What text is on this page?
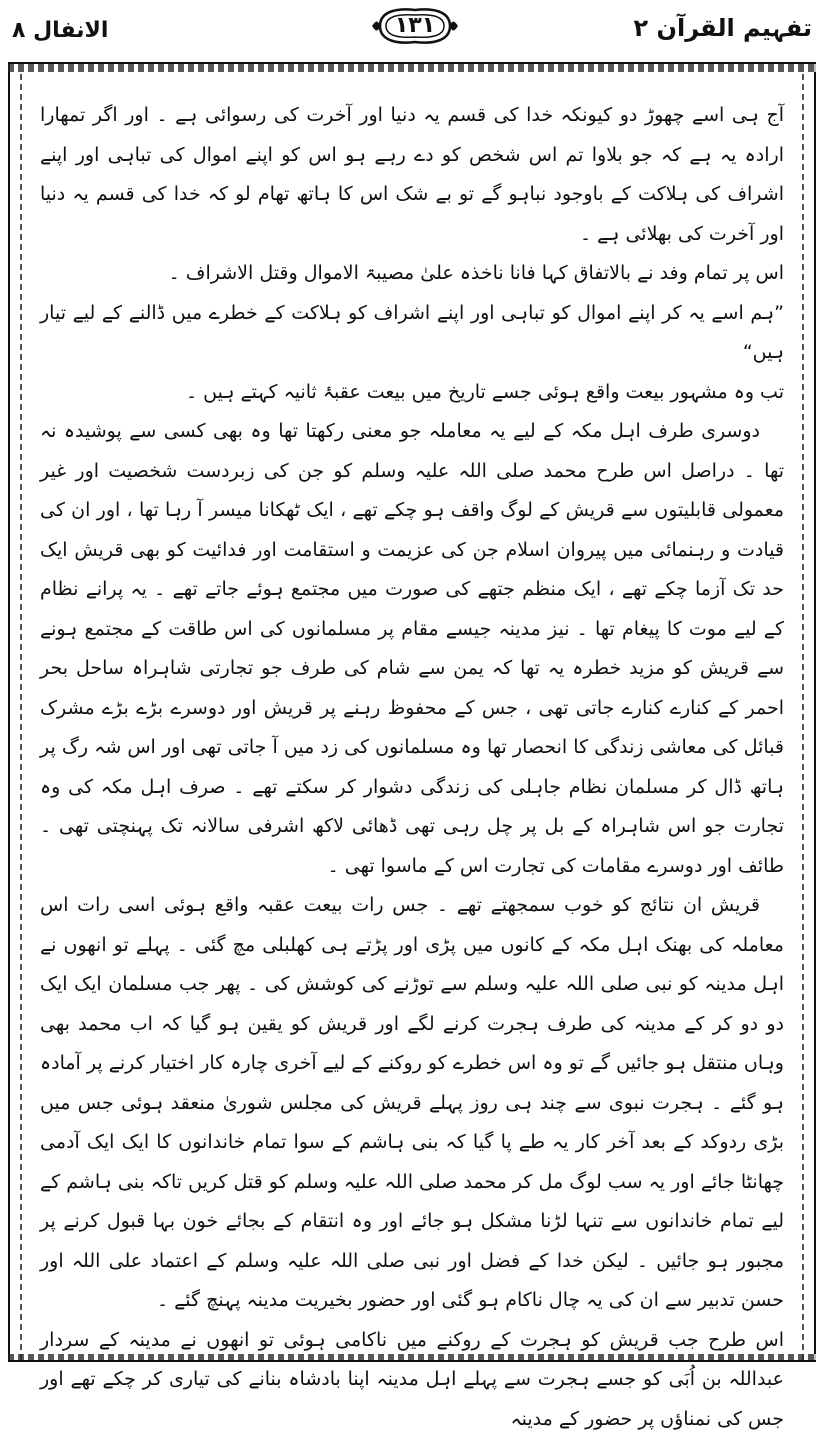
الانفال ۸	۱۳۱	تفہیم القرآن ۲

آج ہی اسے چھوڑ دو کیونکہ خدا کی قسم یہ دنیا اور آخرت کی رسوائی ہے ۔ اور اگر تمھارا ارادہ یہ ہے کہ جو بلاوا تم اس شخص کو دے رہے ہو اس کو اپنے اموال کی تباہی اور اپنے اشراف کی ہلاکت کے باوجود نباہو گے تو بے شک اس کا ہاتھ تھام لو کہ خدا کی قسم یہ دنیا اور آخرت کی بھلائی ہے ۔

اس پر تمام وفد نے بالاتفاق کہا فانا ناخذہ علیٰ مصیبۃ الاموال وقتل الاشراف ۔

”ہم اسے یہ کر اپنے اموال کو تباہی اور اپنے اشراف کو ہلاکت کے خطرے میں ڈالنے کے لیے تیار ہیں“

تب وہ مشہور بیعت واقع ہوئی جسے تاریخ میں بیعت عقبۂ ثانیہ کہتے ہیں ۔

دوسری طرف اہل مکہ کے لیے یہ معاملہ جو معنی رکھتا تھا وہ بھی کسی سے پوشیدہ نہ تھا ۔ دراصل اس طرح محمد صلی اللہ علیہ وسلم کو جن کی زبردست شخصیت اور غیر معمولی قابلیتوں سے قریش کے لوگ واقف ہو چکے تھے ، ایک ٹھکانا میسر آ رہا تھا ، اور ان کی قیادت و رہنمائی میں پیروان اسلام جن کی عزیمت و استقامت اور فدائیت کو بھی قریش ایک حد تک آزما چکے تھے ، ایک منظم جتھے کی صورت میں مجتمع ہوئے جاتے تھے ۔ یہ پرانے نظام کے لیے موت کا پیغام تھا ۔ نیز مدینہ جیسے مقام پر مسلمانوں کی اس طاقت کے مجتمع ہونے سے قریش کو مزید خطرہ یہ تھا کہ یمن سے شام کی طرف جو تجارتی شاہراہ ساحل بحر احمر کے کنارے کنارے جاتی تھی ، جس کے محفوظ رہنے پر قریش اور دوسرے بڑے بڑے مشرک قبائل کی معاشی زندگی کا انحصار تھا وہ مسلمانوں کی زد میں آ جاتی تھی اور اس شہ رگ پر ہاتھ ڈال کر مسلمان نظام جاہلی کی زندگی دشوار کر سکتے تھے ۔ صرف اہل مکہ کی وہ تجارت جو اس شاہراہ کے بل پر چل رہی تھی ڈھائی لاکھ اشرفی سالانہ تک پہنچتی تھی ۔ طائف اور دوسرے مقامات کی تجارت اس کے ماسوا تھی ۔

قریش ان نتائج کو خوب سمجھتے تھے ۔ جس رات بیعت عقبہ واقع ہوئی اسی رات اس معاملہ کی بھنک اہل مکہ کے کانوں میں پڑی اور پڑتے ہی کھلبلی مچ گئی ۔ پہلے تو انھوں نے اہل مدینہ کو نبی صلی اللہ علیہ وسلم سے توڑنے کی کوشش کی ۔ پھر جب مسلمان ایک ایک دو دو کر کے مدینہ کی طرف ہجرت کرنے لگے اور قریش کو یقین ہو گیا کہ اب محمد بھی وہاں منتقل ہو جائیں گے تو وہ اس خطرے کو روکنے کے لیے آخری چارہ کار اختیار کرنے پر آمادہ ہو گئے ۔ ہجرت نبوی سے چند ہی روز پہلے قریش کی مجلس شوریٰ منعقد ہوئی جس میں بڑی ردوکد کے بعد آخر کار یہ طے پا گیا کہ بنی ہاشم کے سوا تمام خاندانوں کا ایک ایک آدمی چھانٹا جائے اور یہ سب لوگ مل کر محمد صلی اللہ علیہ وسلم کو قتل کریں تاکہ بنی ہاشم کے لیے تمام خاندانوں سے تنہا لڑنا مشکل ہو جائے اور وہ انتقام کے بجائے خون بہا قبول کرنے پر مجبور ہو جائیں ۔ لیکن خدا کے فضل اور نبی صلی اللہ علیہ وسلم کے اعتماد علی اللہ اور حسن تدبیر سے ان کی یہ چال ناکام ہو گئی اور حضور بخیریت مدینہ پہنچ گئے ۔

اس طرح جب قریش کو ہجرت کے روکنے میں ناکامی ہوئی تو انھوں نے مدینہ کے سردار عبداللہ بن اُبَی کو جسے ہجرت سے پہلے اہل مدینہ اپنا بادشاہ بنانے کی تیاری کر چکے تھے اور جس کی نمناؤں پر حضور کے مدینہ
